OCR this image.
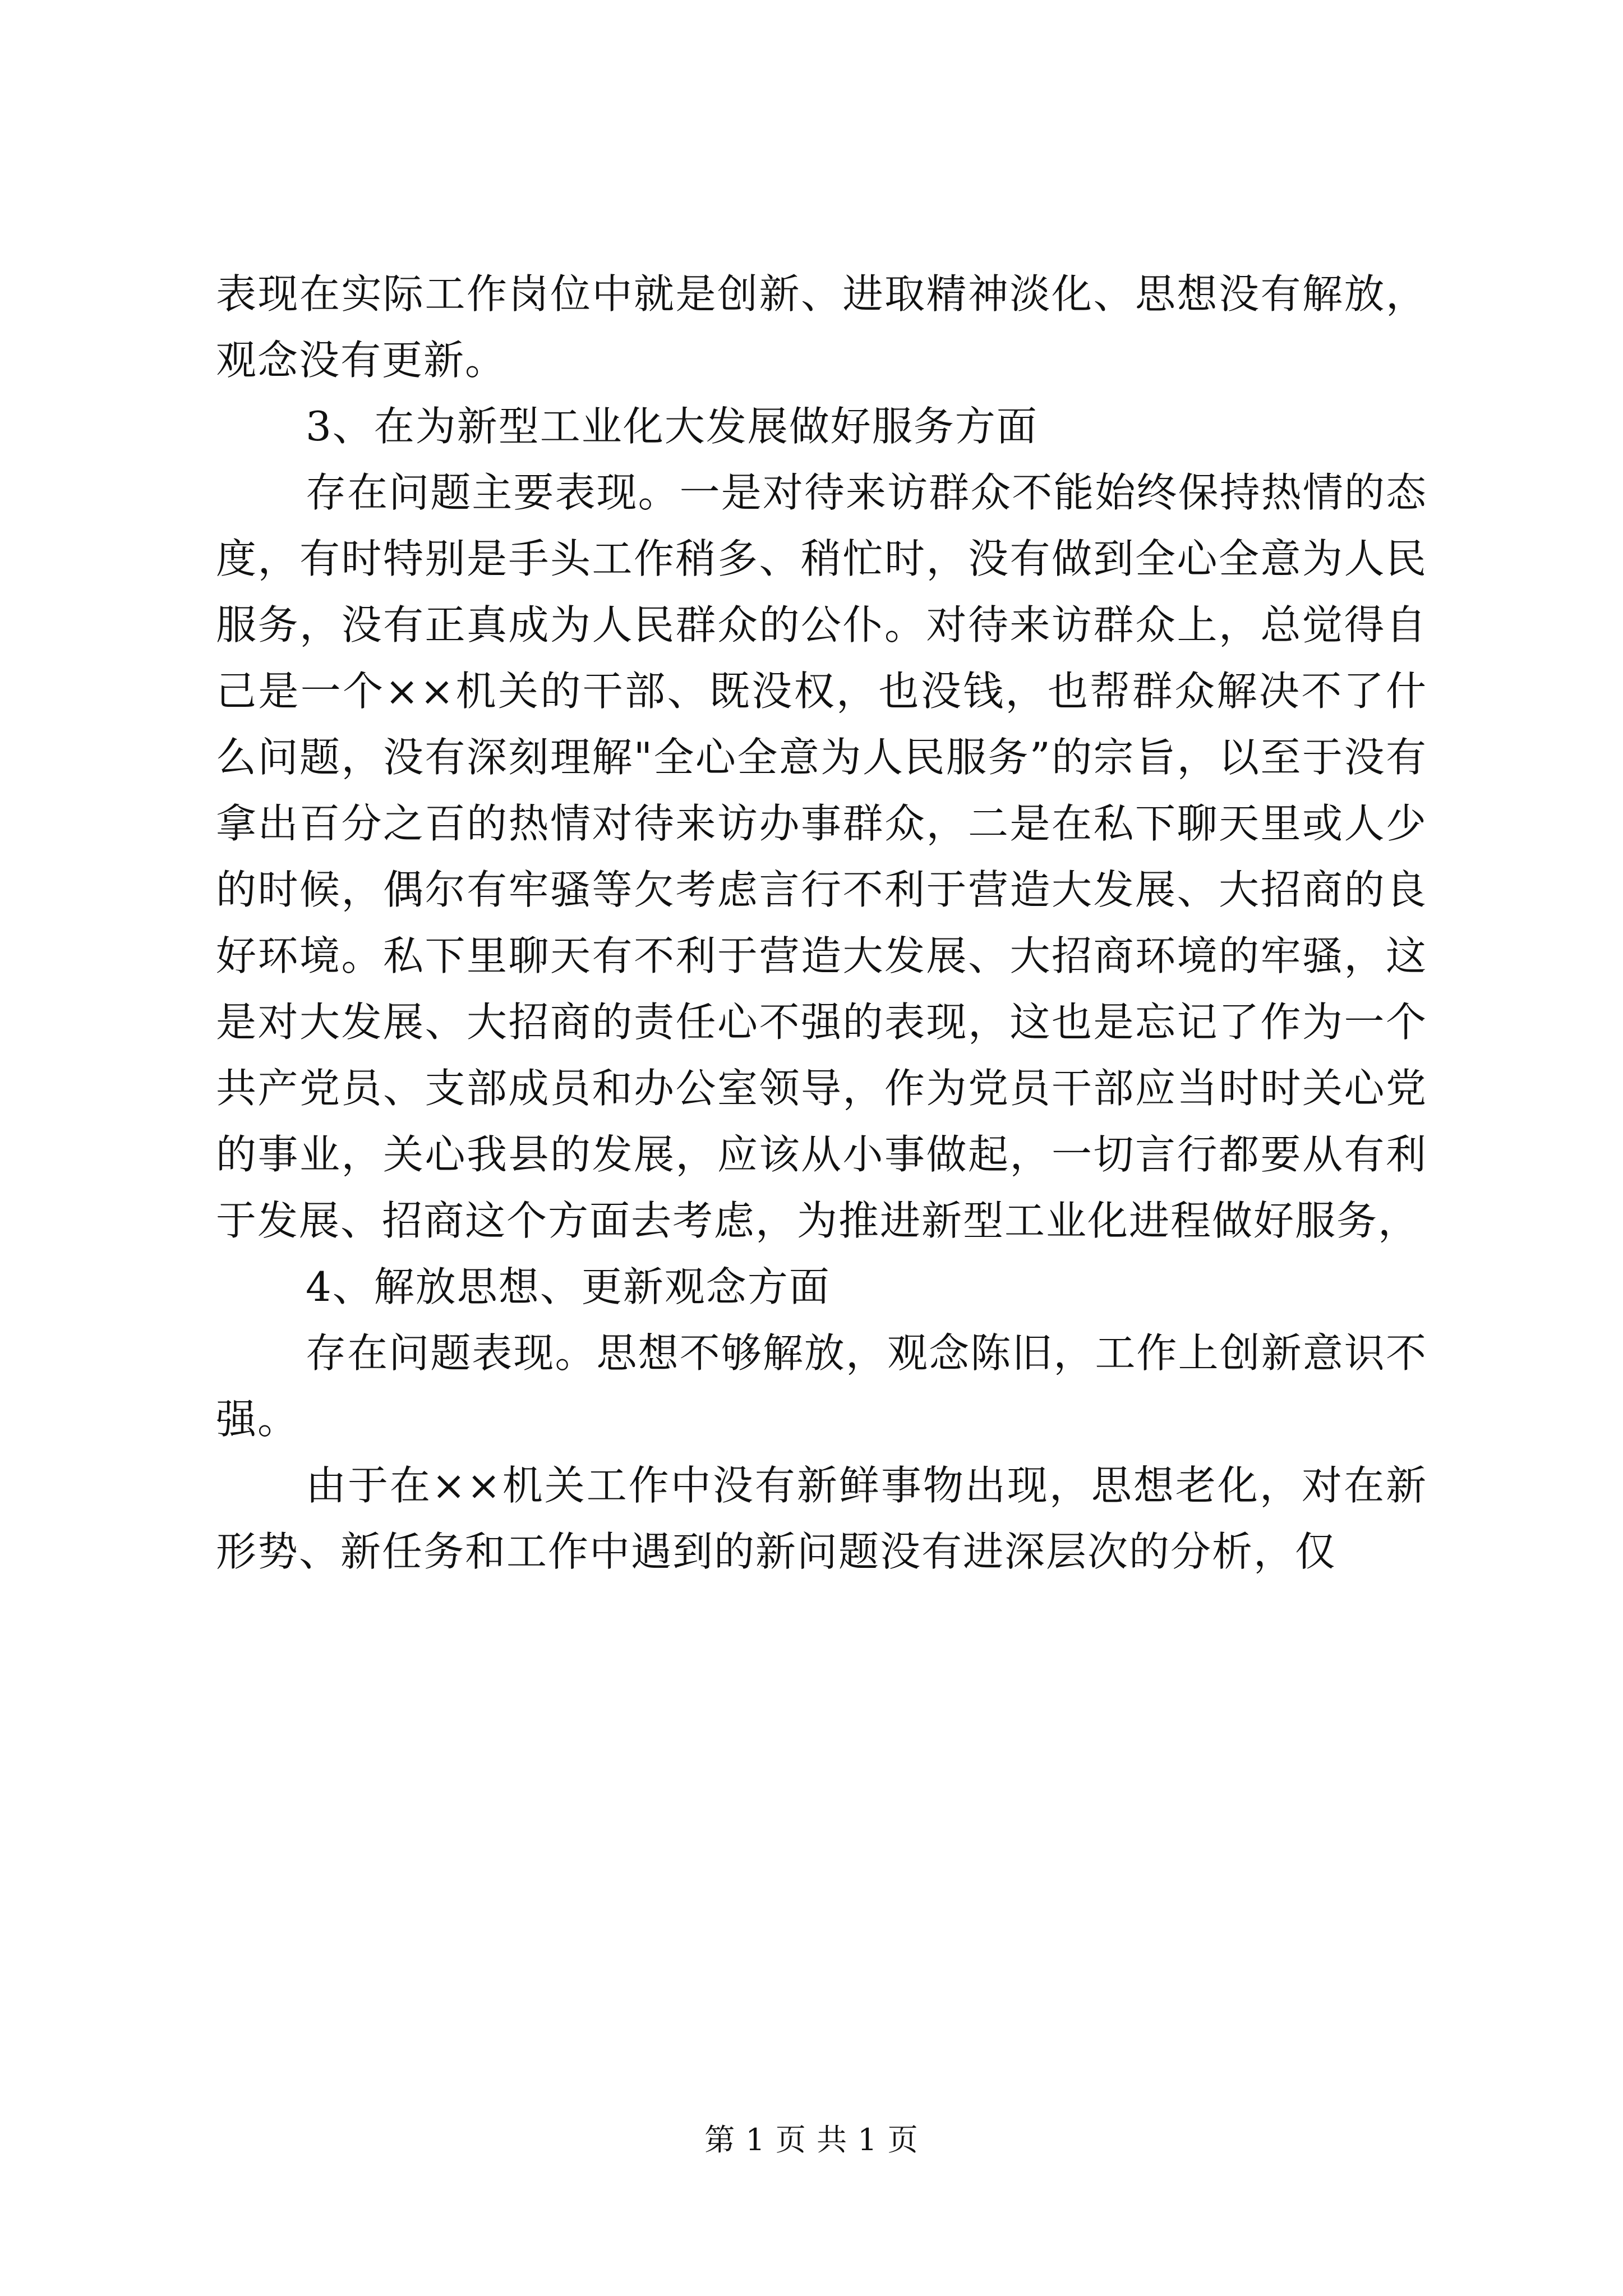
表现在实际工作岗位中就是创新、进取精神淡化、思想没有解放，观念没有更新。

3、在为新型工业化大发展做好服务方面

存在问题主要表现。一是对待来访群众不能始终保持热情的态度，有时特别是手头工作稍多、稍忙时，没有做到全心全意为人民服务，没有正真成为人民群众的公仆。对待来访群众上，总觉得自己是一个××机关的干部、既没权，也没钱，也帮群众解决不了什么问题，没有深刻理解"全心全意为人民服务”的宗旨，以至于没有拿出百分之百的热情对待来访办事群众，二是在私下聊天里或人少的时候，偶尔有牢骚等欠考虑言行不利于营造大发展、大招商的良好环境。私下里聊天有不利于营造大发展、大招商环境的牢骚，这是对大发展、大招商的责任心不强的表现，这也是忘记了作为一个共产党员、支部成员和办公室领导，作为党员干部应当时时关心党的事业，关心我县的发展，应该从小事做起，一切言行都要从有利于发展、招商这个方面去考虑，为推进新型工业化进程做好服务，

4、解放思想、更新观念方面

存在问题表现。思想不够解放，观念陈旧，工作上创新意识不强。

由于在××机关工作中没有新鲜事物出现，思想老化，对在新形势、新任务和工作中遇到的新问题没有进深层次的分析，仅

第 1 页 共 1 页
